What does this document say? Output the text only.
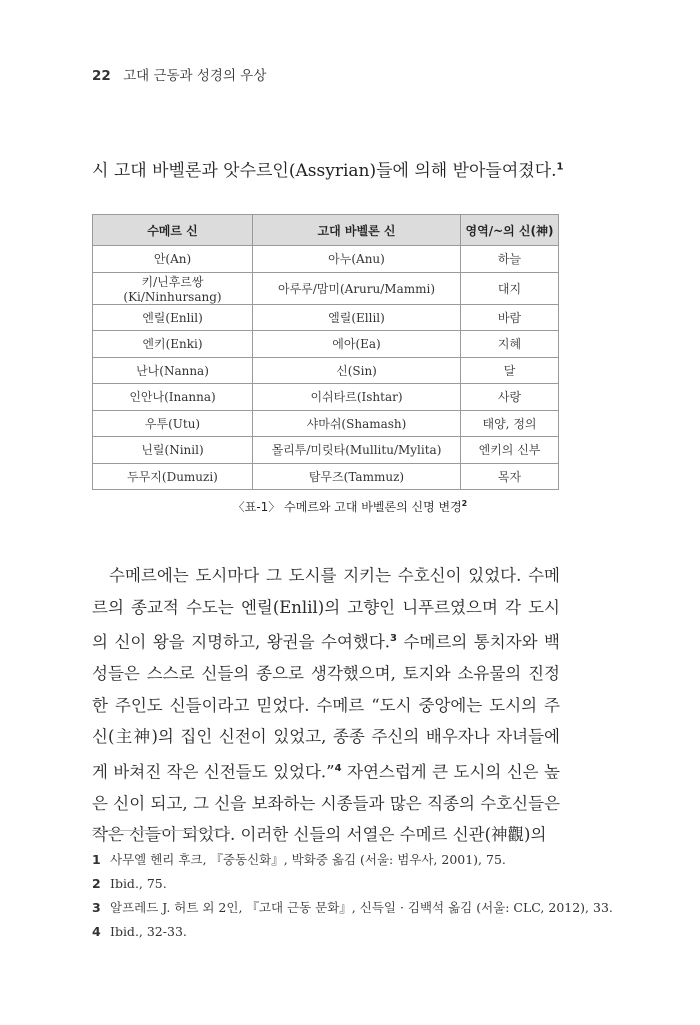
22 고대 근동과 성경의 우상
시 고대 바벨론과 앗수르인(Assyrian)들에 의해 받아들여졌다.$^1$
수메르 신	고대 바벨론 신	영역/~의 신(神)
안(An)	아누(Anu)	하늘
키/닌후르쌍(Ki/Ninhursang)	아루루/맘미(Aruru/Mammi)	대지
엔릴(Enlil)	엘릴(Ellil)	바람
엔키(Enki)	에아(Ea)	지혜
난나(Nanna)	신(Sin)	달
인안나(Inanna)	이쉬타르(Ishtar)	사랑
우투(Utu)	샤마쉬(Shamash)	태양, 정의
닌릴(Ninil)	몰리투/미릿타(Mullitu/Mylita)	엔키의 신부
두무지(Dumuzi)	탐무즈(Tammuz)	목자
〈표-1〉 수메르와 고대 바벨론의 신명 변경$^2$

수메르에는 도시마다 그 도시를 지키는 수호신이 있었다. 수메르의 종교적 수도는 엔릴(Enlil)의 고향인 니푸르였으며 각 도시의 신이 왕을 지명하고, 왕권을 수여했다.$^3$ 수메르의 통치자와 백성들은 스스로 신들의 종으로 생각했으며, 토지와 소유물의 진정한 주인도 신들이라고 믿었다. 수메르 “도시 중앙에는 도시의 주신(主神)의 집인 신전이 있었고, 종종 주신의 배우자나 자녀들에게 바쳐진 작은 신전들도 있었다.”$^4$ 자연스럽게 큰 도시의 신은 높은 신이 되고, 그 신을 보좌하는 시종들과 많은 직종의 수호신들은 작은 신들이 되었다. 이러한 신들의 서열은 수메르 신관(神觀)의

1 사무엘 헨리 후크, 『중동신화』, 박화중 옮김 (서울: 범우사, 2001), 75.
2 Ibid., 75.
3 알프레드 J. 허트 외 2인, 『고대 근동 문화』, 신득일 · 김백석 옮김 (서울: CLC, 2012), 33.
4 Ibid., 32-33.
